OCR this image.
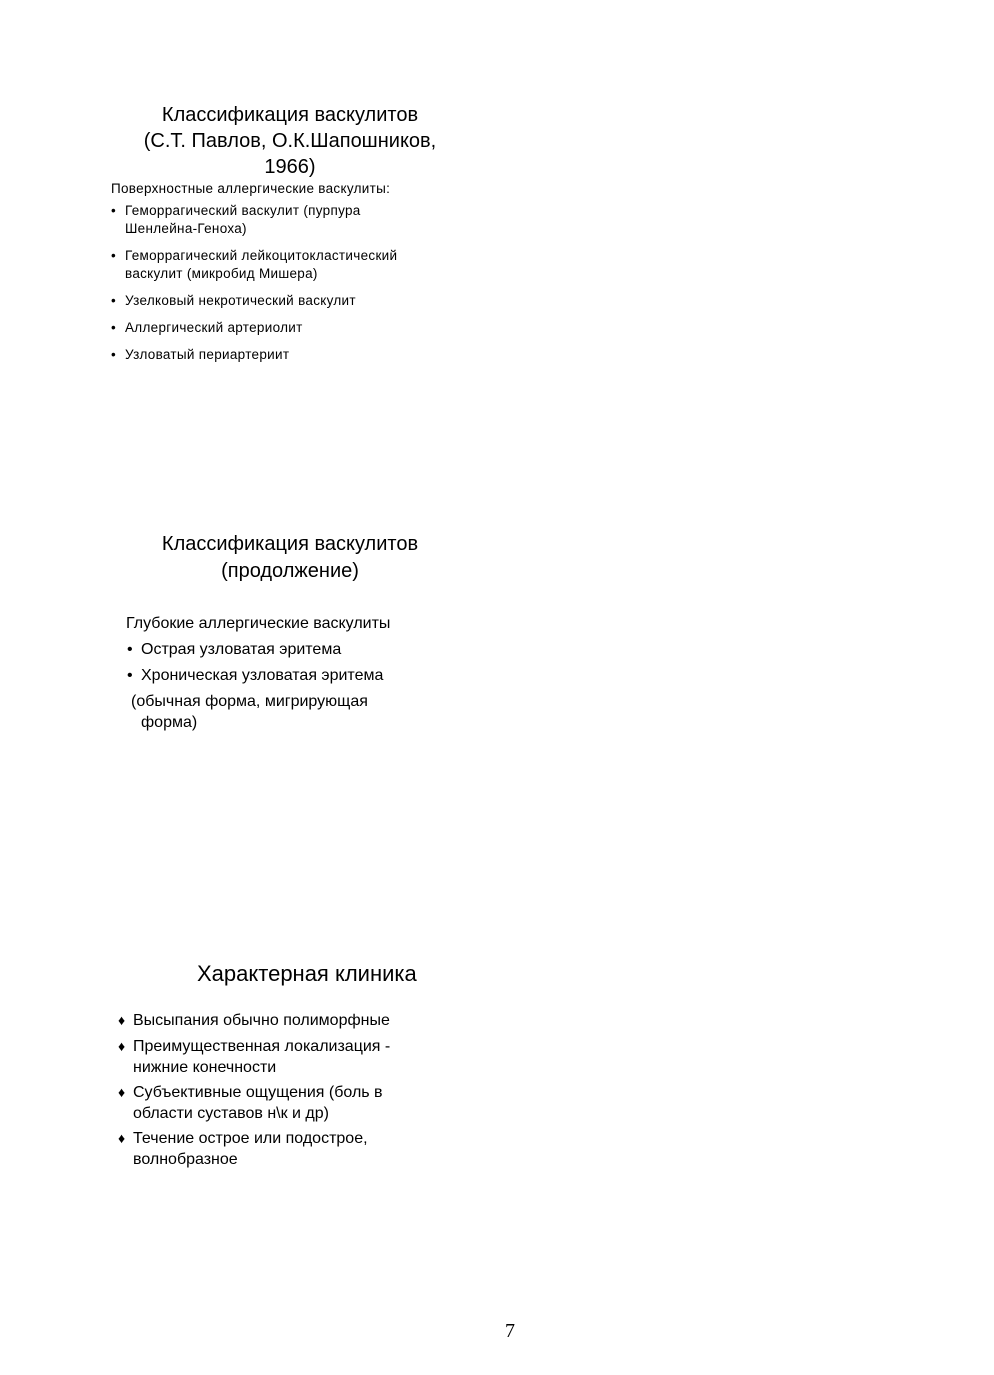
Классификация васкулитов
(С.Т. Павлов, О.К.Шапошников,
1966)
Поверхностные аллергические васкулиты:
• Геморрагический васкулит (пурпура
Шенлейна-Геноха)
• Геморрагический лейкоцитокластический
васкулит (микробид Мишера)
• Узелковый некротический васкулит
• Аллергический артериолит
• Узловатый периартериит
Классификация васкулитов
(продолжение)
Глубокие аллергические васкулиты
• Острая узловатая эритема
• Хроническая узловатая эритема
(обычная форма, мигрирующая
форма)
Характерная клиника
♦ Высыпания обычно полиморфные
♦ Преимущественная локализация -
нижние конечности
♦ Субъективные ощущения (боль в
области суставов н\к и др)
♦ Течение острое или подострое,
волнобразное
7
